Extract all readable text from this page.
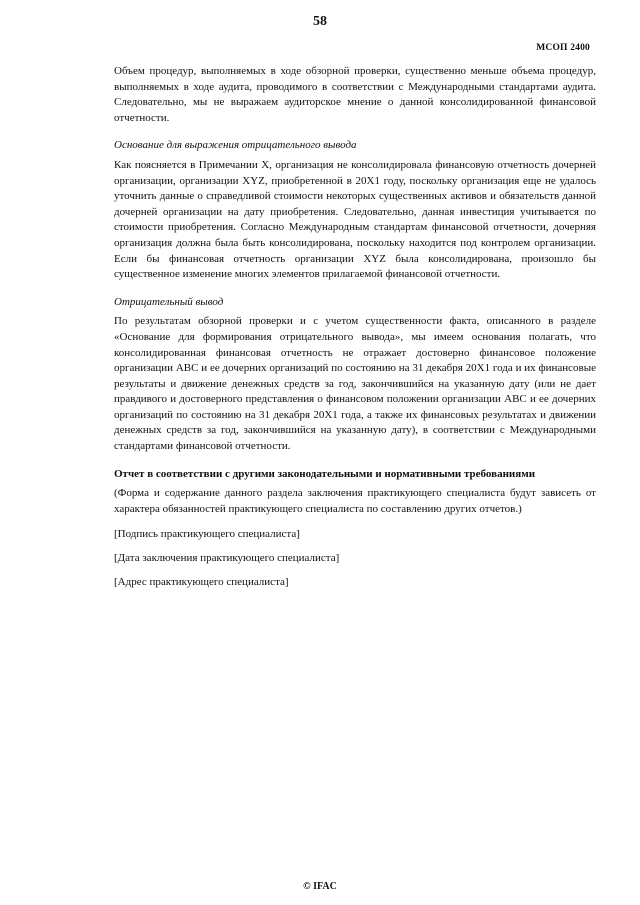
58
МСОП 2400

Объем процедур, выполняемых в ходе обзорной проверки, существенно меньше объема процедур, выполняемых в ходе аудита, проводимого в соответствии с Международными стандартами аудита. Следовательно, мы не выражаем аудиторское мнение о данной консолидированной финансовой отчетности.

Основание для выражения отрицательного вывода

Как поясняется в Примечании X, организация не консолидировала финансовую отчетность дочерней организации, организации XYZ, приобретенной в 20X1 году, поскольку организация еще не удалось уточнить данные о справедливой стоимости некоторых существенных активов и обязательств данной дочерней организации на дату приобретения. Следовательно, данная инвестиция учитывается по стоимости приобретения. Согласно Международным стандартам финансовой отчетности, дочерняя организация должна была быть консолидирована, поскольку находится под контролем организации. Если бы финансовая отчетность организации XYZ была консолидирована, произошло бы существенное изменение многих элементов прилагаемой финансовой отчетности.

Отрицательный вывод

По результатам обзорной проверки и с учетом существенности факта, описанного в разделе «Основание для формирования отрицательного вывода», мы имеем основания полагать, что консолидированная финансовая отчетность не отражает достоверно финансовое положение организации ABC и ее дочерних организаций по состоянию на 31 декабря 20X1 года и их финансовые результаты и движение денежных средств за год, закончившийся на указанную дату (или не дает правдивого и достоверного представления о финансовом положении организации ABC и ее дочерних организаций по состоянию на 31 декабря 20X1 года, а также их финансовых результатах и движении денежных средств за год, закончившийся на указанную дату), в соответствии с Международными стандартами финансовой отчетности.

Отчет в соответствии с другими законодательными и нормативными требованиями

(Форма и содержание данного раздела заключения практикующего специалиста будут зависеть от характера обязанностей практикующего специалиста по составлению других отчетов.)

[Подпись практикующего специалиста]

[Дата заключения практикующего специалиста]

[Адрес практикующего специалиста]

© IFAC
